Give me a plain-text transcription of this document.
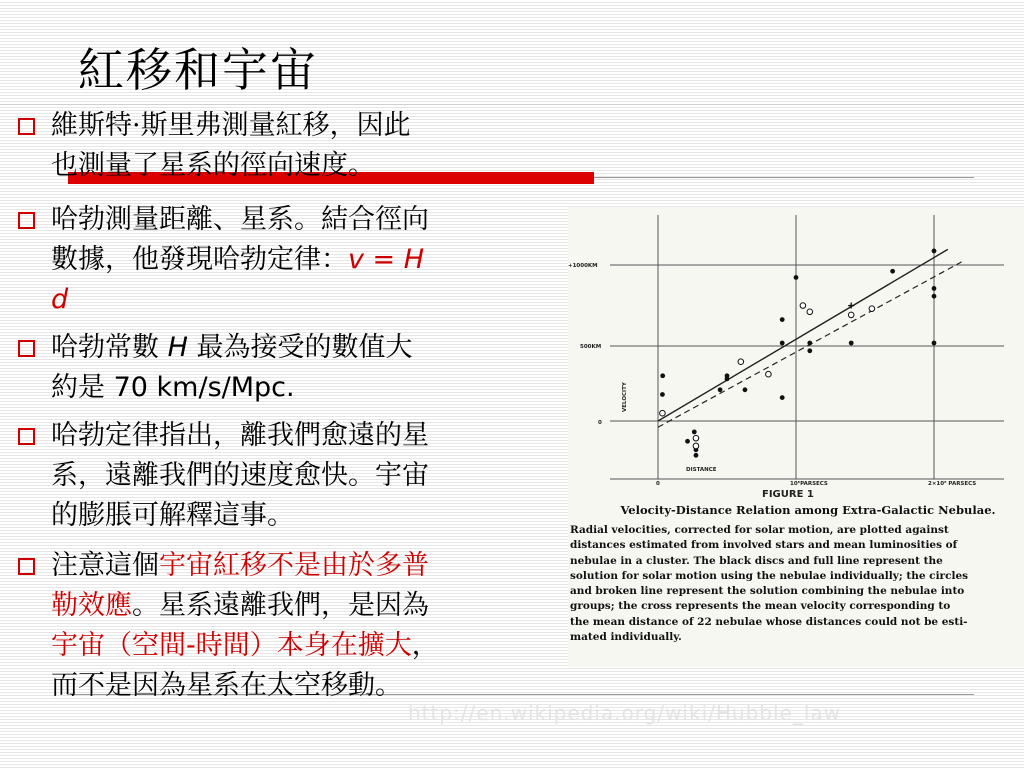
紅移和宇宙
維斯特·斯里弗測量紅移，因此
也測量了星系的徑向速度。
哈勃測量距離、星系。結合徑向
數據，他發現哈勃定律：v = H
d
哈勃常數 H 最為接受的數值大
約是 70 km/s/Mpc.
哈勃定律指出，離我們愈遠的星
系，遠離我們的速度愈快。宇宙
的膨脹可解釋這事。
注意這個宇宙紅移不是由於多普
勒效應。星系遠離我們，是因為
宇宙（空間-時間）本身在擴大，
而不是因為星系在太空移動。
+1000KM
500KM
0
VELOCITY
0	10⁶PARSECS	2×10⁶ PARSECS
DISTANCE
FIGURE 1
Velocity-Distance Relation among Extra-Galactic Nebulae.
Radial velocities, corrected for solar motion, are plotted against
distances estimated from involved stars and mean luminosities of
nebulae in a cluster. The black discs and full line represent the
solution for solar motion using the nebulae individually; the circles
and broken line represent the solution combining the nebulae into
groups; the cross represents the mean velocity corresponding to
the mean distance of 22 nebulae whose distances could not be esti-
mated individually.
http://en.wikipedia.org/wiki/Hubble_law
